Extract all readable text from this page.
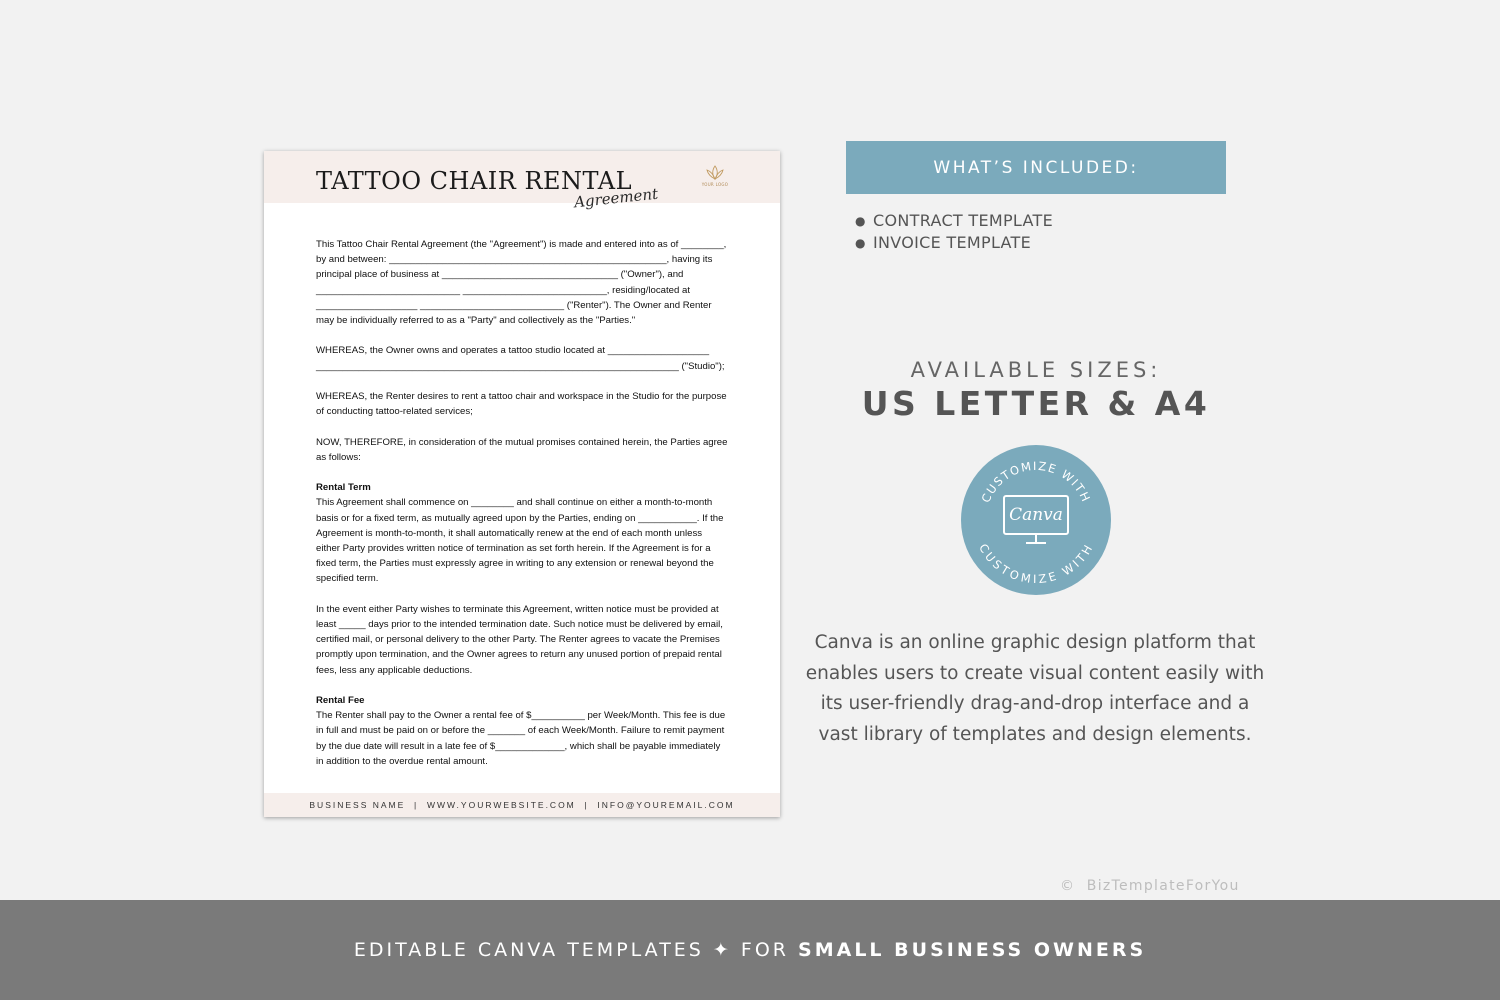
TATTOO CHAIR RENTAL
Agreement
YOUR LOGO

This Tattoo Chair Rental Agreement (the "Agreement") is made and entered into as of ________, by and between: ____________________________________________________, having its principal place of business at _________________________________ ("Owner"), and ___________________________ ___________________________, residing/located at ___________________ ___________________________ ("Renter"). The Owner and Renter may be individually referred to as a "Party" and collectively as the "Parties."

WHEREAS, the Owner owns and operates a tattoo studio located at ___________________ ____________________________________________________________________ ("Studio");

WHEREAS, the Renter desires to rent a tattoo chair and workspace in the Studio for the purpose of conducting tattoo-related services;

NOW, THEREFORE, in consideration of the mutual promises contained herein, the Parties agree as follows:

Rental Term

This Agreement shall commence on ________ and shall continue on either a month-to-month basis or for a fixed term, as mutually agreed upon by the Parties, ending on ___________. If the Agreement is month-to-month, it shall automatically renew at the end of each month unless either Party provides written notice of termination as set forth herein. If the Agreement is for a fixed term, the Parties must expressly agree in writing to any extension or renewal beyond the specified term.

In the event either Party wishes to terminate this Agreement, written notice must be provided at least _____ days prior to the intended termination date. Such notice must be delivered by email, certified mail, or personal delivery to the other Party. The Renter agrees to vacate the Premises promptly upon termination, and the Owner agrees to return any unused portion of prepaid rental fees, less any applicable deductions.

Rental Fee

The Renter shall pay to the Owner a rental fee of $__________ per Week/Month. This fee is due in full and must be paid on or before the _______ of each Week/Month. Failure to remit payment by the due date will result in a late fee of $_____________, which shall be payable immediately in addition to the overdue rental amount.

BUSINESS NAME  |  WWW.YOURWEBSITE.COM  |  INFO@YOUREMAIL.COM
WHAT’S INCLUDED:
● CONTRACT TEMPLATE
● INVOICE TEMPLATE
AVAILABLE SIZES:
US LETTER & A4
CUSTOMIZE WITH
CUSTOMIZE WITH
Canva
Canva is an online graphic design platform that enables users to create visual content easily with its user-friendly drag-and-drop interface and a vast library of templates and design elements.
©  BizTemplateForYou
EDITABLE CANVA TEMPLATES ✦ FOR SMALL BUSINESS OWNERS
